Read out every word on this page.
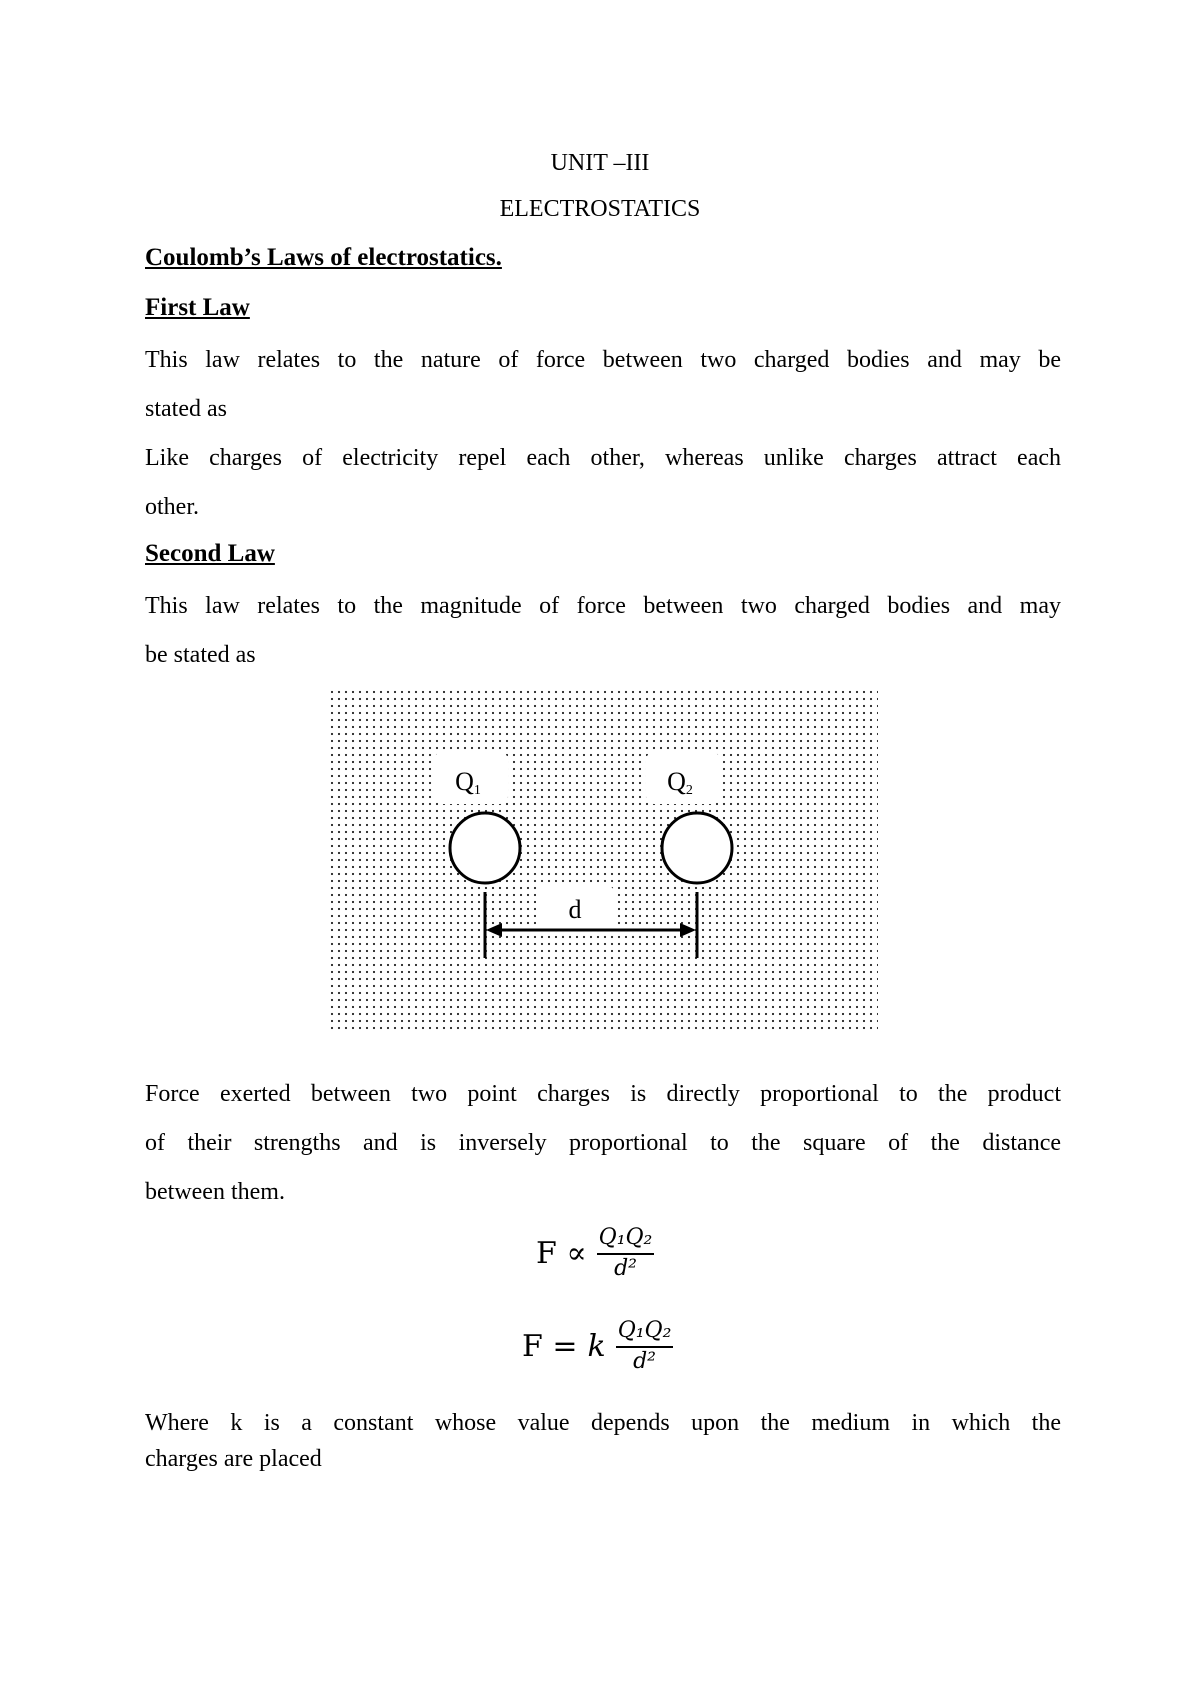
UNIT –III
ELECTROSTATICS
Coulomb’s Laws of electrostatics.
First Law
This law relates to the nature of force between two charged bodies and may be
stated as
Like charges of electricity repel each other, whereas unlike charges attract each
other.
Second Law
This law relates to the magnitude of force between two charged bodies and may
be stated as
Q1	Q2
d
Force exerted between two point charges is directly proportional to the product
of their strengths and is inversely proportional to the square of the distance
between them.
$F \propto \frac{\text{Q₁Q₂}}{\text{d²}}$
F = k $\frac{\text{Q₁Q₂}}{\text{d²}}$
Where k is a constant whose value depends upon the medium in which the
charges are placed
